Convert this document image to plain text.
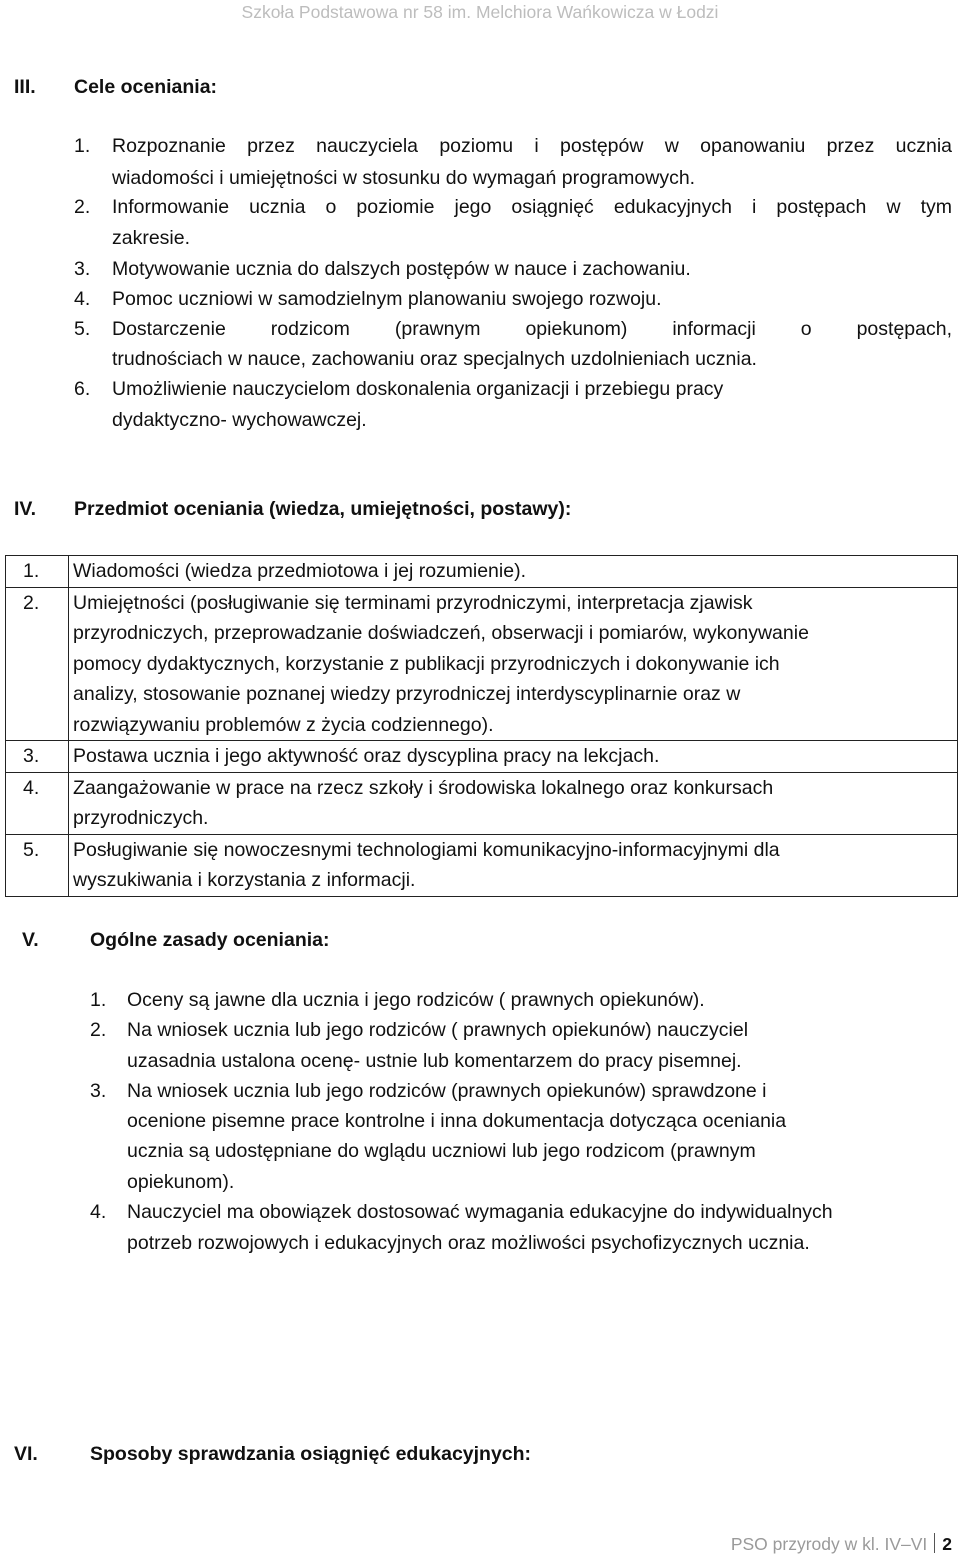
Szkoła Podstawowa nr 58 im. Melchiora Wańkowicza w Łodzi
III. Cele oceniania:
1. Rozpoznanie przez nauczyciela poziomu i postępów w opanowaniu przez ucznia
wiadomości i umiejętności w stosunku do wymagań programowych.
2. Informowanie ucznia o poziomie jego osiągnięć edukacyjnych i postępach w tym
zakresie.
3. Motywowanie ucznia do dalszych postępów w nauce i zachowaniu.
4. Pomoc uczniowi w samodzielnym planowaniu swojego rozwoju.
5. Dostarczenie rodzicom (prawnym opiekunom) informacji o postępach,
trudnościach w nauce, zachowaniu oraz specjalnych uzdolnieniach ucznia.
6. Umożliwienie nauczycielom doskonalenia organizacji i przebiegu pracy
dydaktyczno- wychowawczej.
IV. Przedmiot oceniania (wiedza, umiejętności, postawy):
1.	Wiadomości (wiedza przedmiotowa i jej rozumienie).

2.	Umiejętności (posługiwanie się terminami przyrodniczymi, interpretacja zjawisk
przyrodniczych, przeprowadzanie doświadczeń, obserwacji i pomiarów, wykonywanie
pomocy dydaktycznych, korzystanie z publikacji przyrodniczych i dokonywanie ich
analizy, stosowanie poznanej wiedzy przyrodniczej interdyscyplinarnie oraz w
rozwiązywaniu problemów z życia codziennego).

3.	Postawa ucznia i jego aktywność oraz dyscyplina pracy na lekcjach.

4.	Zaangażowanie w prace na rzecz szkoły i środowiska lokalnego oraz konkursach
przyrodniczych.

5.	Posługiwanie się nowoczesnymi technologiami komunikacyjno-informacyjnymi dla
wyszukiwania i korzystania z informacji.
V.	Ogólne zasady oceniania:
1. Oceny są jawne dla ucznia i jego rodziców ( prawnych opiekunów).
2. Na wniosek ucznia lub jego rodziców ( prawnych opiekunów) nauczyciel
uzasadnia ustalona ocenę- ustnie lub komentarzem do pracy pisemnej.
3. Na wniosek ucznia lub jego rodziców (prawnych opiekunów) sprawdzone i
ocenione pisemne prace kontrolne i inna dokumentacja dotycząca oceniania
ucznia są udostępniane do wglądu uczniowi lub jego rodzicom (prawnym
opiekunom).
4. Nauczyciel ma obowiązek dostosować wymagania edukacyjne do indywidualnych
potrzeb rozwojowych i edukacyjnych oraz możliwości psychofizycznych ucznia.
VI.	Sposoby sprawdzania osiągnięć edukacyjnych:
PSO przyrody w kl. IV–VI 2
